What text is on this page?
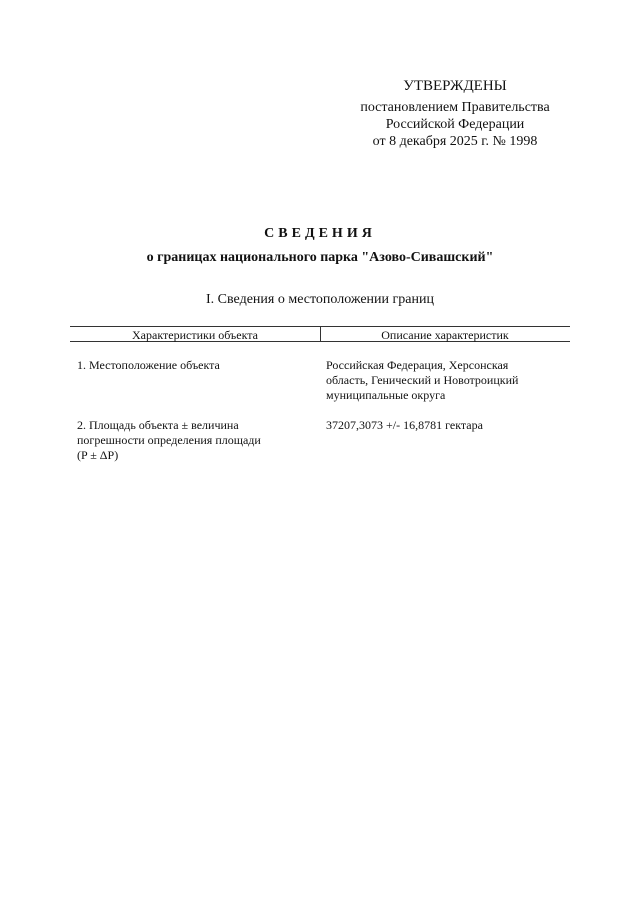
УТВЕРЖДЕНЫ
постановлением Правительства
Российской Федерации
от 8 декабря 2025 г. № 1998
СВЕДЕНИЯ
о границах национального парка "Азово-Сивашский"
I. Сведения о местоположении границ
Характеристики объекта	Описание характеристик
1. Местоположение объекта	Российская Федерация, Херсонская
область, Генический и Новотроицкий
муниципальные округа
2. Площадь объекта ± величина
погрешности определения площади
(P ± ΔP)
37207,3073 +/- 16,8781 гектара
